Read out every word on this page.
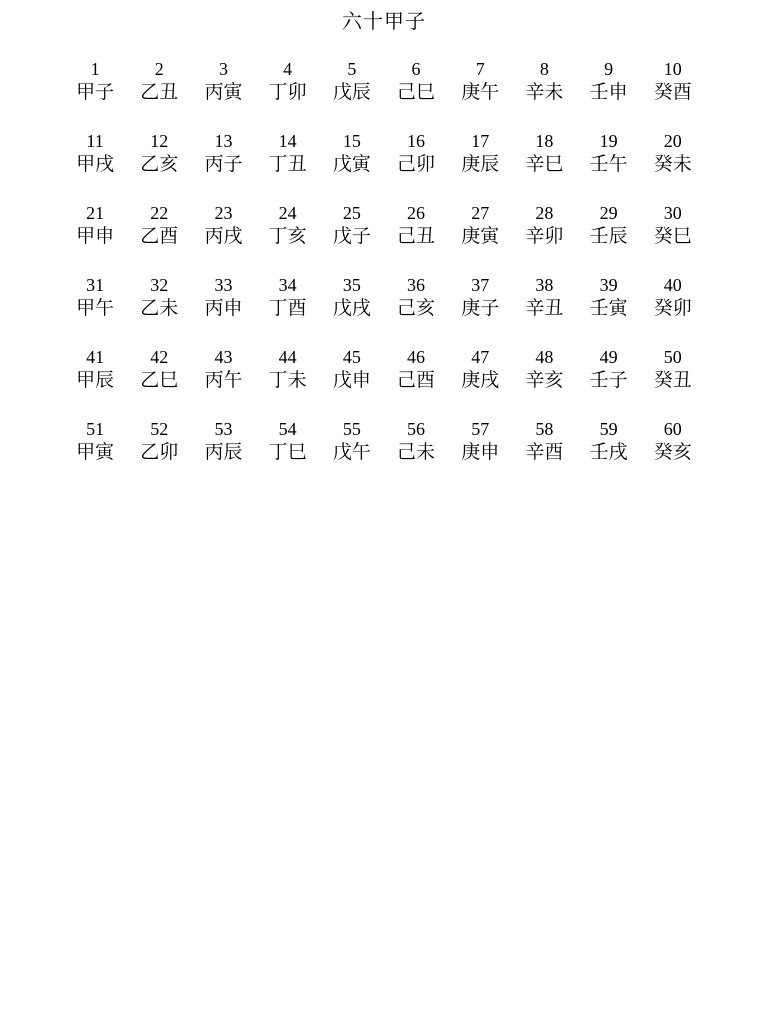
六十甲子
1
甲子
2
乙丑
3
丙寅
4
丁卯
5
戊辰
6
己巳
7
庚午
8
辛未
9
壬申
10
癸酉
11
甲戌
12
乙亥
13
丙子
14
丁丑
15
戊寅
16
己卯
17
庚辰
18
辛巳
19
壬午
20
癸未
21
甲申
22
乙酉
23
丙戌
24
丁亥
25
戊子
26
己丑
27
庚寅
28
辛卯
29
壬辰
30
癸巳
31
甲午
32
乙未
33
丙申
34
丁酉
35
戊戌
36
己亥
37
庚子
38
辛丑
39
壬寅
40
癸卯
41
甲辰
42
乙巳
43
丙午
44
丁未
45
戊申
46
己酉
47
庚戌
48
辛亥
49
壬子
50
癸丑
51
甲寅
52
乙卯
53
丙辰
54
丁巳
55
戊午
56
己未
57
庚申
58
辛酉
59
壬戌
60
癸亥
